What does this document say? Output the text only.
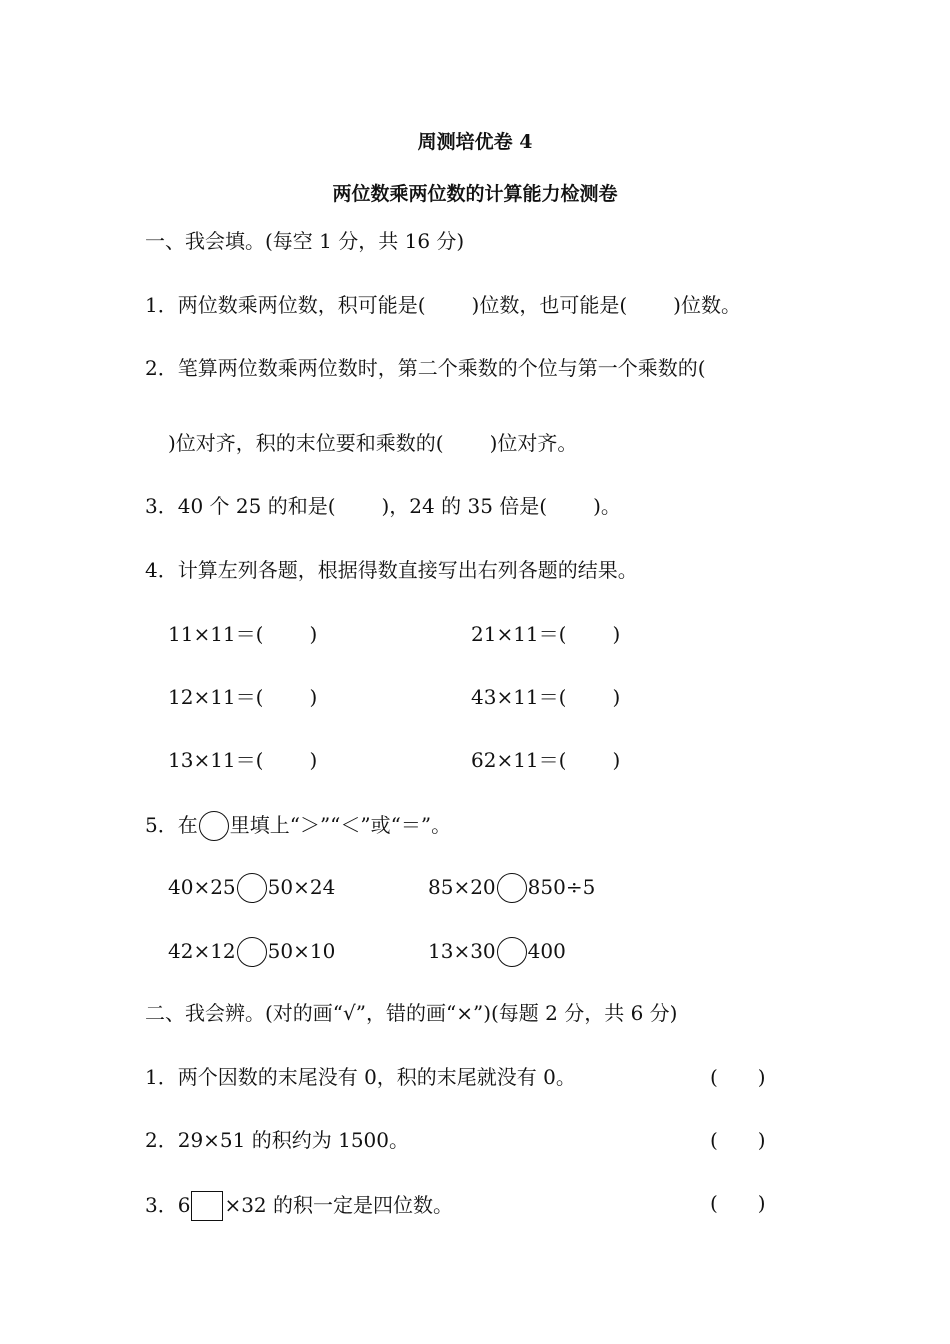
周测培优卷 4
两位数乘两位数的计算能力检测卷
一、我会填。(每空 1 分，共 16 分)
1．两位数乘两位数，积可能是( )位数，也可能是( )位数。
2．笔算两位数乘两位数时，第二个乘数的个位与第一个乘数的(
)位对齐，积的末位要和乘数的( )位对齐。
3．40 个 25 的和是( )，24 的 35 倍是( )。
4．计算左列各题，根据得数直接写出右列各题的结果。
11×11＝( )	21×11＝( )
12×11＝( )	43×11＝( )
13×11＝( )	62×11＝( )
5．在 里填上“＞”“＜”或“＝”。
40×25 50×24	85×20 850÷5
42×12 50×10	13×30 400
二、我会辨。(对的画“√”，错的画“×”)(每题 2 分，共 6 分)
1．两个因数的末尾没有 0，积的末尾就没有 0。	(　　)
2．29×51 的积约为 1500。	(　　)
3．6 ×32 的积一定是四位数。	(　　)
